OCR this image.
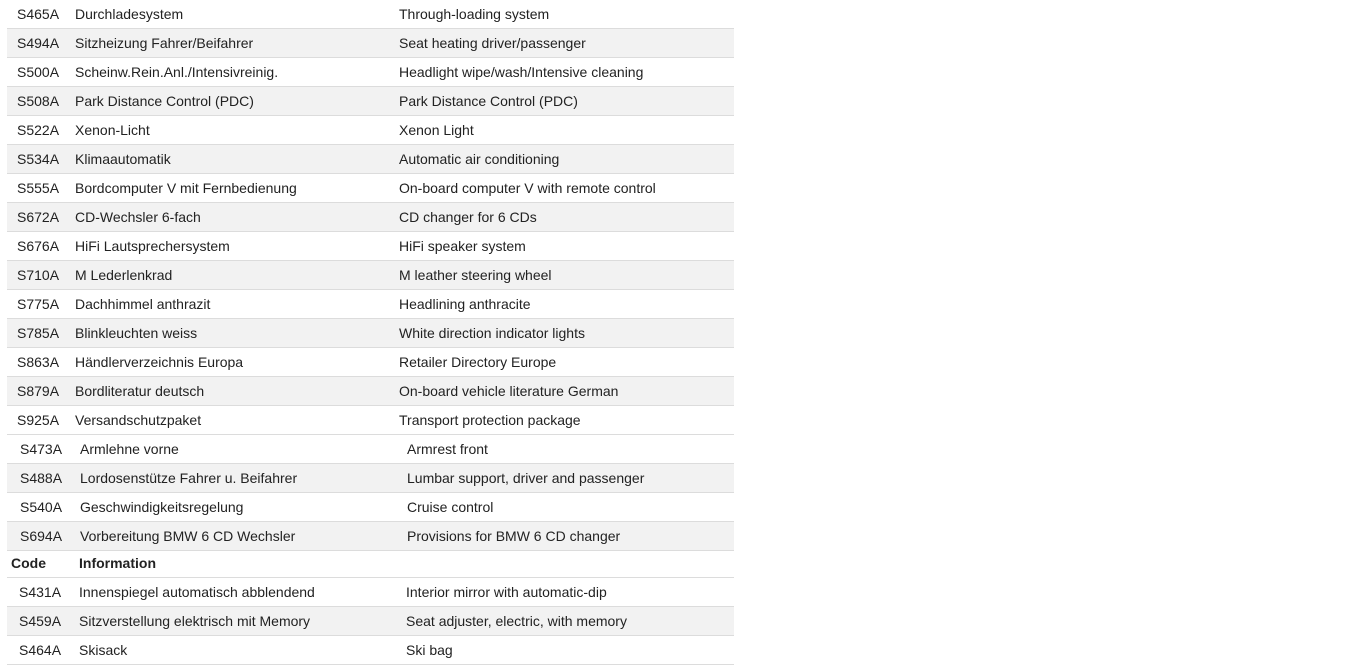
S465A Durchladesystem	Through-loading system
S494A Sitzheizung Fahrer/Beifahrer	Seat heating driver/passenger
S500A Scheinw.Rein.Anl./Intensivreinig.	Headlight wipe/wash/Intensive cleaning
S508A Park Distance Control (PDC)	Park Distance Control (PDC)
S522A Xenon-Licht	Xenon Light
S534A Klimaautomatik	Automatic air conditioning
S555A Bordcomputer V mit Fernbedienung	On-board computer V with remote control
S672A CD-Wechsler 6-fach	CD changer for 6 CDs
S676A HiFi Lautsprechersystem	HiFi speaker system
S710A M Lederlenkrad	M leather steering wheel
S775A Dachhimmel anthrazit	Headlining anthracite
S785A Blinkleuchten weiss	White direction indicator lights
S863A Händlerverzeichnis Europa	Retailer Directory Europe
S879A Bordliteratur deutsch	On-board vehicle literature German
S925A Versandschutzpaket	Transport protection package
S473A Armlehne vorne	Armrest front
S488A Lordosenstütze Fahrer u. Beifahrer	Lumbar support, driver and passenger
S540A Geschwindigkeitsregelung	Cruise control
S694A Vorbereitung BMW 6 CD Wechsler	Provisions for BMW 6 CD changer
Code Information
S431A Innenspiegel automatisch abblendend	Interior mirror with automatic-dip
S459A Sitzverstellung elektrisch mit Memory	Seat adjuster, electric, with memory
S464A Skisack	Ski bag
